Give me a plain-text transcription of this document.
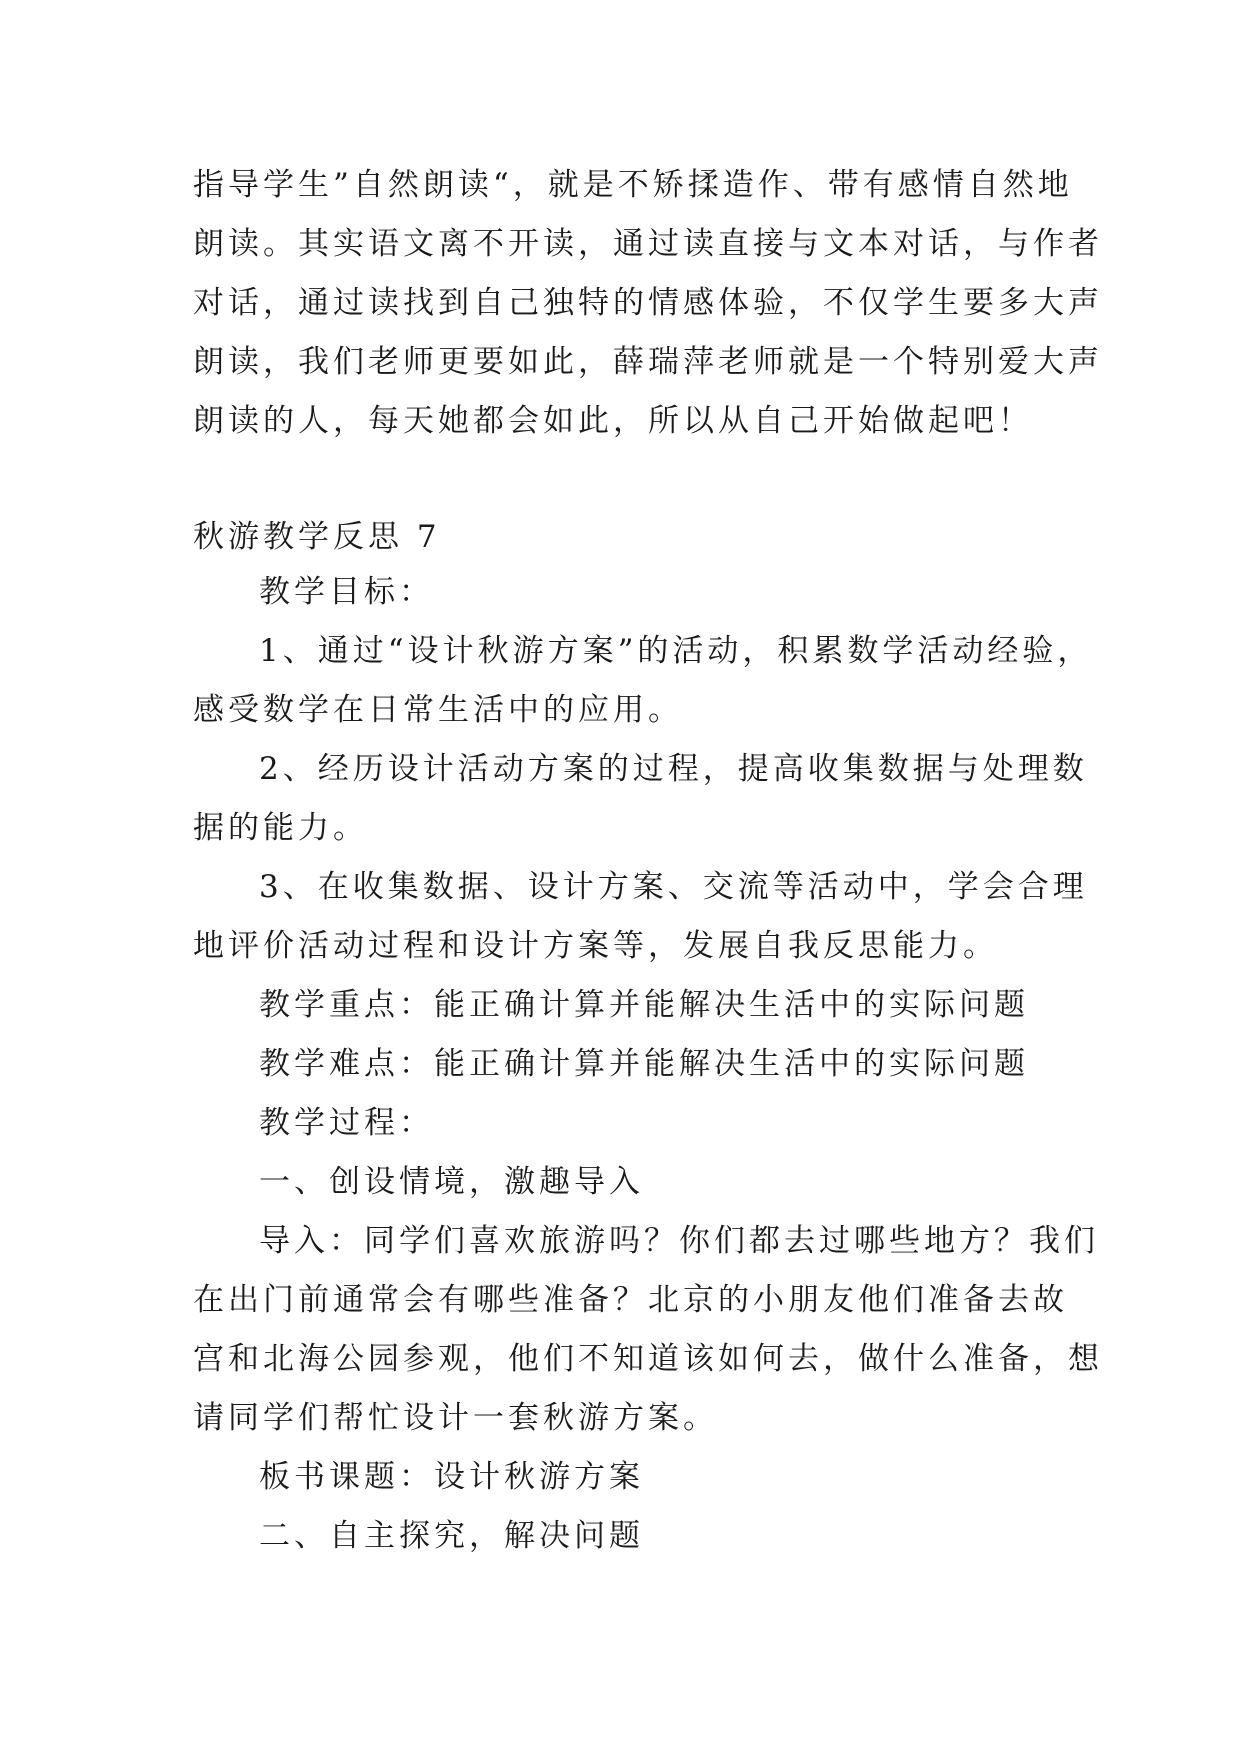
指导学生”自然朗读“，就是不矫揉造作、带有感情自然地
朗读。其实语文离不开读，通过读直接与文本对话，与作者
对话，通过读找到自己独特的情感体验，不仅学生要多大声
朗读，我们老师更要如此，薛瑞萍老师就是一个特别爱大声
朗读的人，每天她都会如此，所以从自己开始做起吧！
秋游教学反思 7
教学目标：
1、通过“设计秋游方案”的活动，积累数学活动经验，
感受数学在日常生活中的应用。
2、经历设计活动方案的过程，提高收集数据与处理数
据的能力。
3、在收集数据、设计方案、交流等活动中，学会合理
地评价活动过程和设计方案等，发展自我反思能力。
教学重点：能正确计算并能解决生活中的实际问题
教学难点：能正确计算并能解决生活中的实际问题
教学过程：
一、创设情境，激趣导入
导入：同学们喜欢旅游吗？你们都去过哪些地方？我们
在出门前通常会有哪些准备？北京的小朋友他们准备去故
宫和北海公园参观，他们不知道该如何去，做什么准备，想
请同学们帮忙设计一套秋游方案。
板书课题：设计秋游方案
二、自主探究，解决问题
